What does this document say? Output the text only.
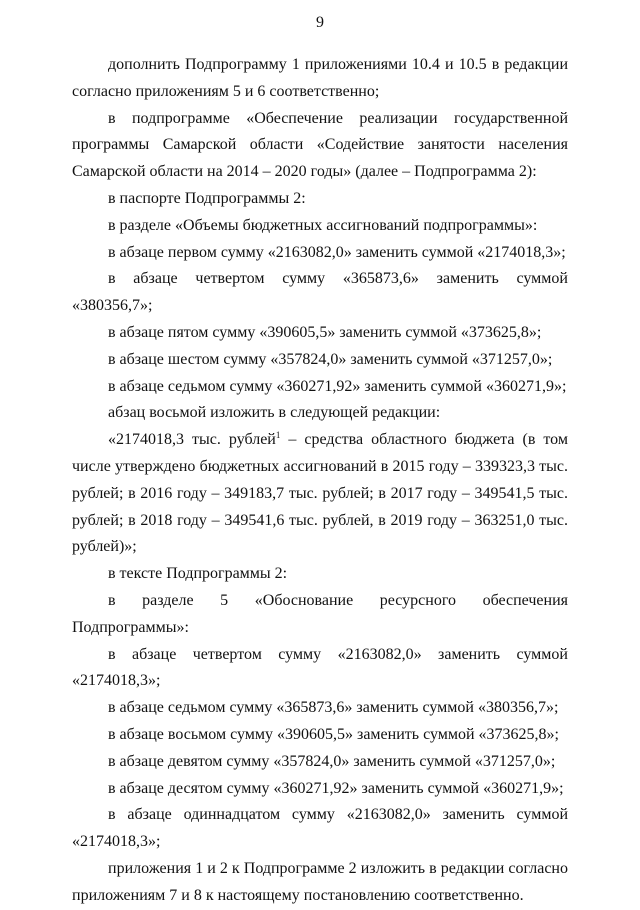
9

дополнить Подпрограмму 1 приложениями 10.4 и 10.5 в редакции согласно приложениям 5 и 6 соответственно;

в подпрограмме «Обеспечение реализации государственной программы Самарской области «Содействие занятости населения Самарской области на 2014 – 2020 годы» (далее – Подпрограмма 2):

в паспорте Подпрограммы 2:

в разделе «Объемы бюджетных ассигнований подпрограммы»:

в абзаце первом сумму «2163082,0» заменить суммой «2174018,3»;

в абзаце четвертом сумму «365873,6» заменить суммой «380356,7»;

в абзаце пятом сумму «390605,5» заменить суммой «373625,8»;

в абзаце шестом сумму «357824,0» заменить суммой «371257,0»;

в абзаце седьмом сумму «360271,92» заменить суммой «360271,9»;

абзац восьмой изложить в следующей редакции:

«2174018,3 тыс. рублей$^1$ – средства областного бюджета (в том числе утверждено бюджетных ассигнований в 2015 году – 339323,3 тыс. рублей; в 2016 году – 349183,7 тыс. рублей; в 2017 году – 349541,5 тыс. рублей; в 2018 году – 349541,6 тыс. рублей, в 2019 году – 363251,0 тыс. рублей)»;

в тексте Подпрограммы 2:

в разделе 5 «Обоснование ресурсного обеспечения Подпрограммы»:

в абзаце четвертом сумму «2163082,0» заменить суммой «2174018,3»;

в абзаце седьмом сумму «365873,6» заменить суммой «380356,7»;

в абзаце восьмом сумму «390605,5» заменить суммой «373625,8»;

в абзаце девятом сумму «357824,0» заменить суммой «371257,0»;

в абзаце десятом сумму «360271,92» заменить суммой «360271,9»;

в абзаце одиннадцатом сумму «2163082,0» заменить суммой «2174018,3»;

приложения 1 и 2 к Подпрограмме 2 изложить в редакции согласно приложениям 7 и 8 к настоящему постановлению соответственно.
